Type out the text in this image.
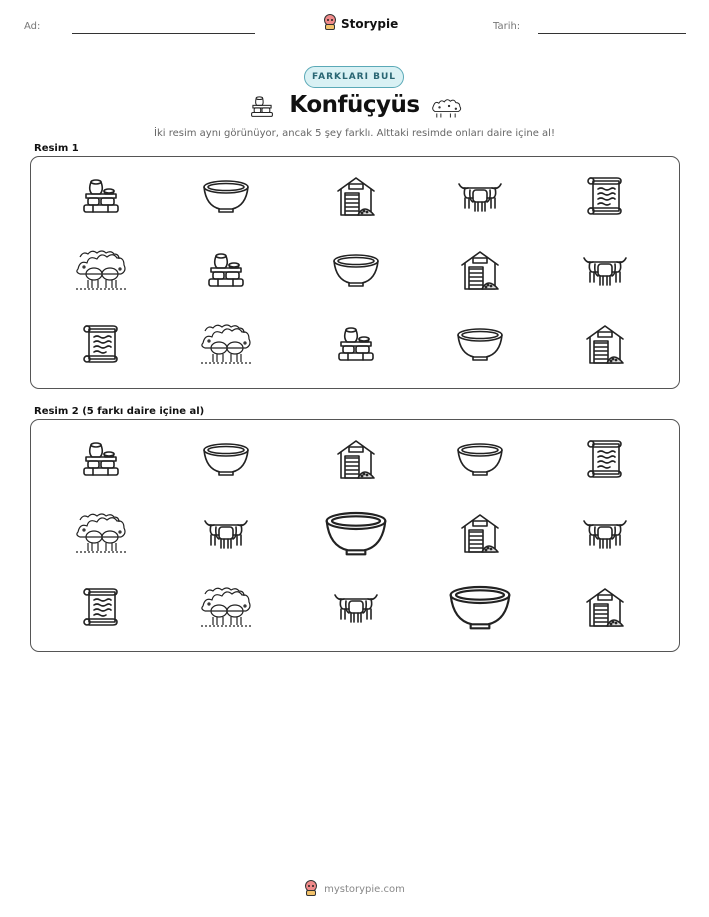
Ad:	Storypie	Tarih:
FARKLARI BUL
Konfüçyüs
İki resim aynı görünüyor, ancak 5 şey farklı. Alttaki resimde onları daire içine al!
Resim 1
Resim 2 (5 farkı daire içine al)
mystorypie.com
